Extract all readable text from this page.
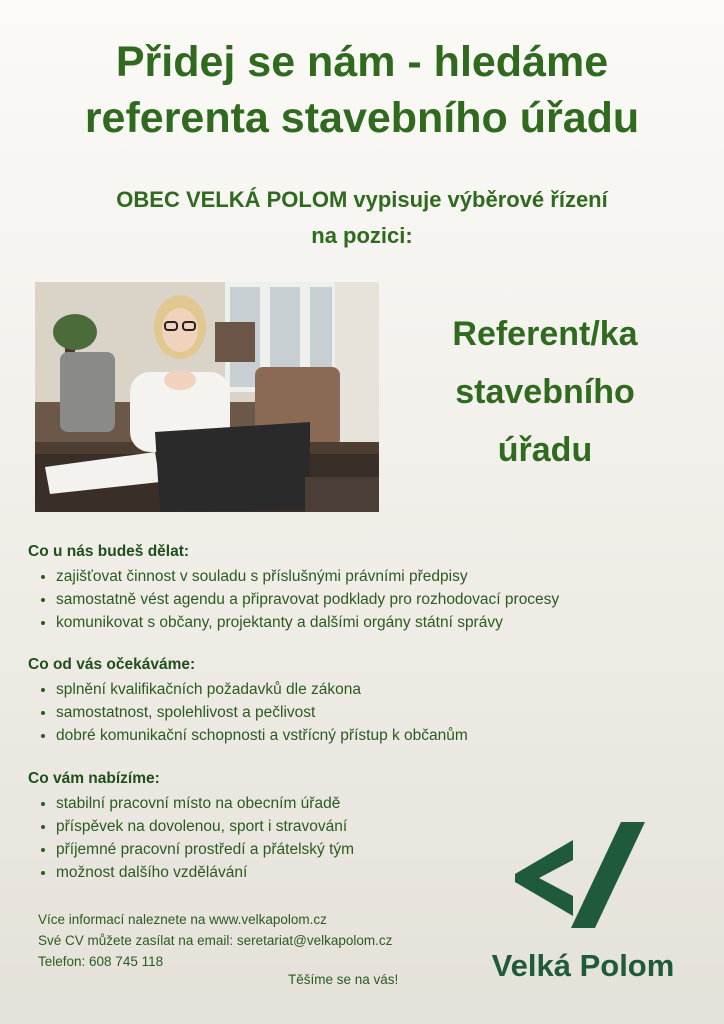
Přidej se nám - hledáme
referenta stavebního úřadu
OBEC VELKÁ POLOM vypisuje výběrové řízení
na pozici:
Referent/ka
stavebního
úřadu
Co u nás budeš dělat:
• zajišťovat činnost v souladu s příslušnými právními předpisy
• samostatně vést agendu a připravovat podklady pro rozhodovací procesy
• komunikovat s občany, projektanty a dalšími orgány státní správy
Co od vás očekáváme:
• splnění kvalifikačních požadavků dle zákona
• samostatnost, spolehlivost a pečlivost
• dobré komunikační schopnosti a vstřícný přístup k občanům
Co vám nabízíme:
• stabilní pracovní místo na obecním úřadě
• příspěvek na dovolenou, sport i stravování
• příjemné pracovní prostředí a přátelský tým
• možnost dalšího vzdělávání
Více informací naleznete na www.velkapolom.cz
Své CV můžete zasílat na email: seretariat@velkapolom.cz
Telefon: 608 745 118
Těšíme se na vás!	Velká Polom
